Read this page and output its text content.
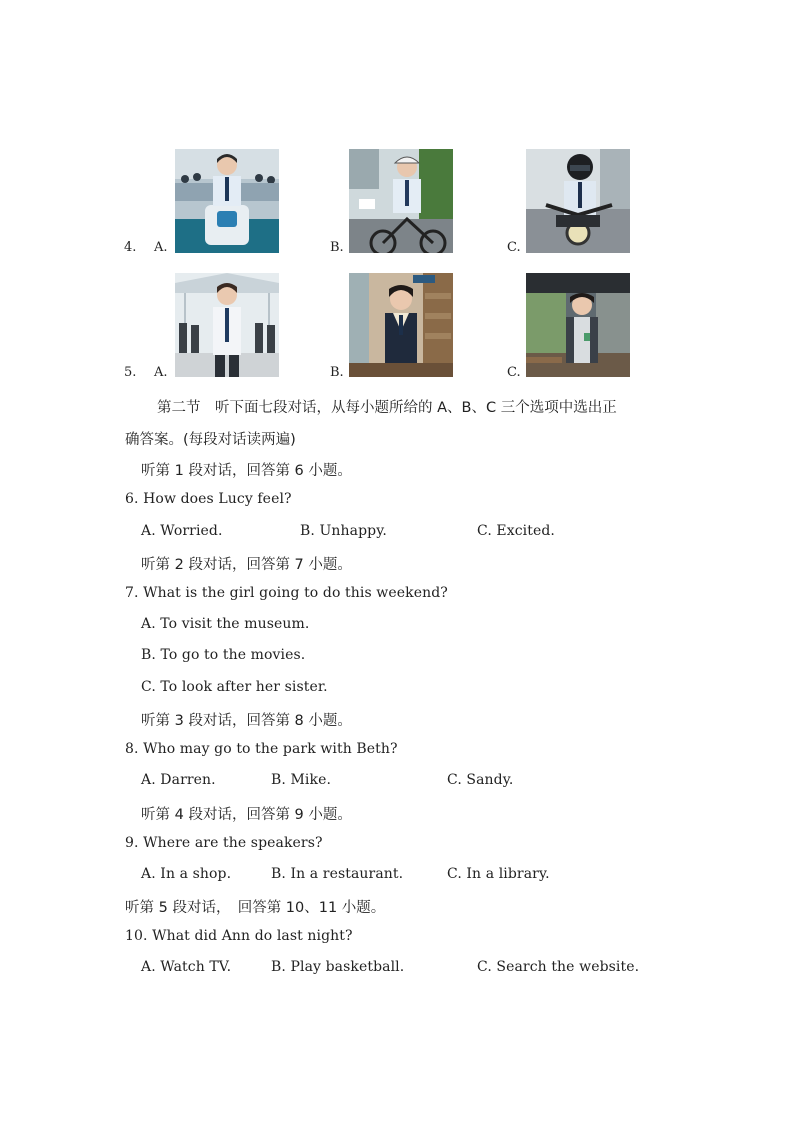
4. A.	B.	C.
5. A.	B.	C.
第二节　听下面七段对话，从每小题所给的 A、B、C 三个选项中选出正
确答案。(每段对话读两遍)
听第 1 段对话，回答第 6 小题。
6. How does Lucy feel?
A. Worried.	B. Unhappy.	C. Excited.
听第 2 段对话，回答第 7 小题。
7. What is the girl going to do this weekend?
A. To visit the museum.
B. To go to the movies.
C. To look after her sister.
听第 3 段对话，回答第 8 小题。
8. Who may go to the park with Beth?
A. Darren.	B. Mike.	C. Sandy.
听第 4 段对话，回答第 9 小题。
9. Where are the speakers?
A. In a shop.	B. In a restaurant.	C. In a library.
听第 5 段对话，　回答第 10、11 小题。
10. What did Ann do last night?
A. Watch TV.	B. Play basketball.	C. Search the website.
